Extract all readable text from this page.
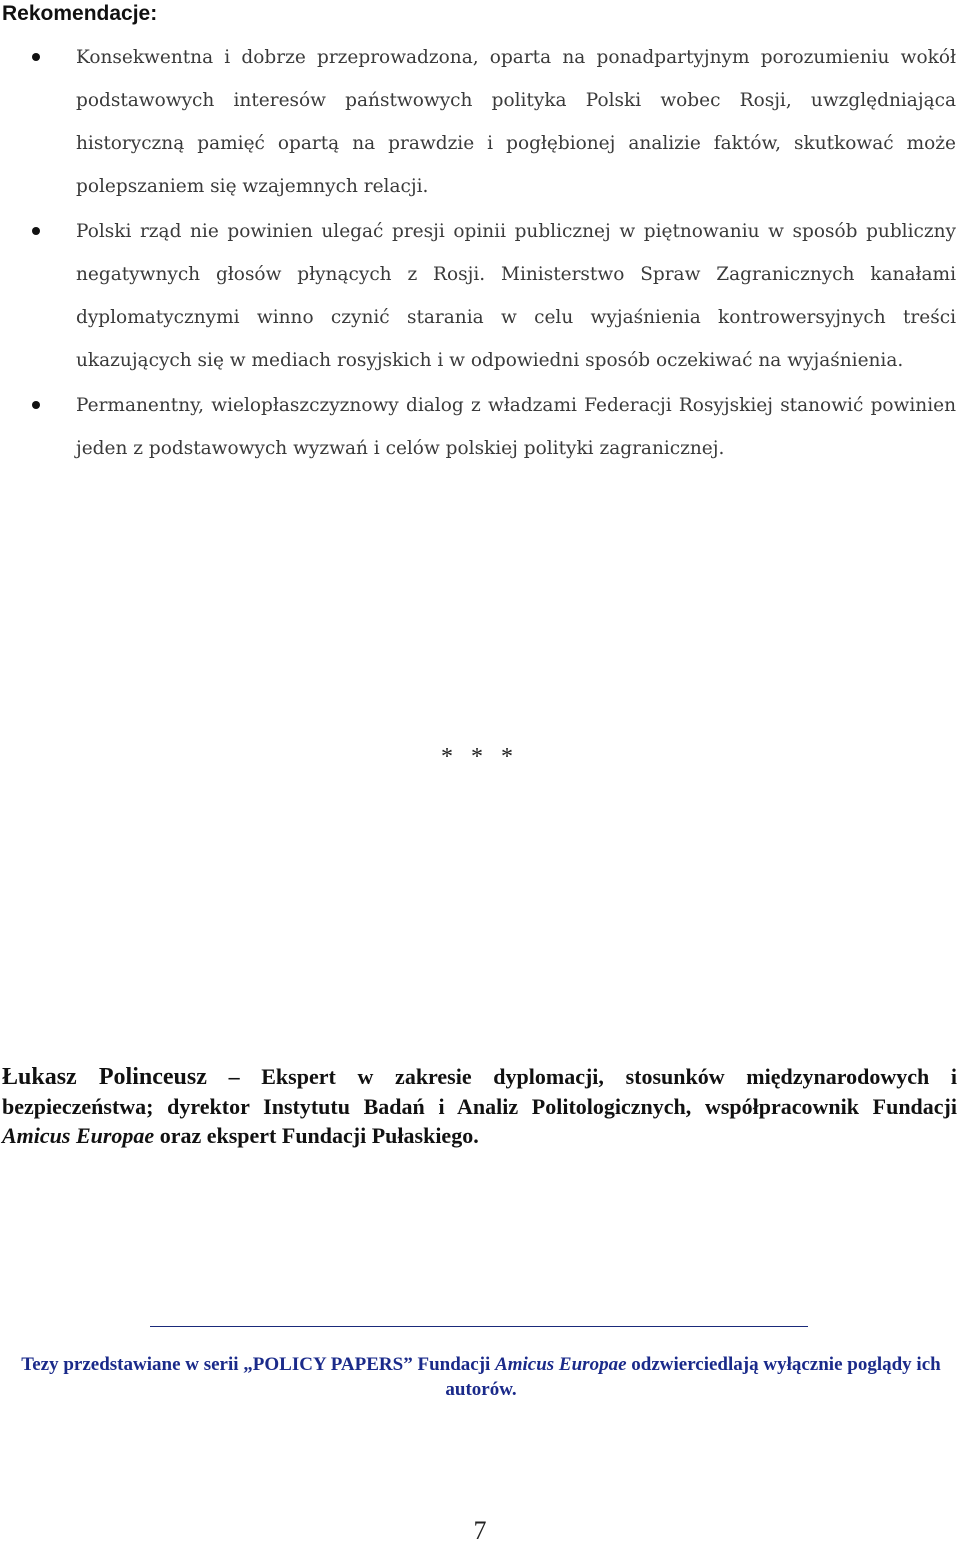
Rekomendacje:
Konsekwentna i dobrze przeprowadzona, oparta na ponadpartyjnym porozumieniu wokół podstawowych interesów państwowych polityka Polski wobec Rosji, uwzględniająca historyczną pamięć opartą na prawdzie i pogłębionej analizie faktów, skutkować może polepszaniem się wzajemnych relacji.
Polski rząd nie powinien ulegać presji opinii publicznej w piętnowaniu w sposób publiczny negatywnych głosów płynących z Rosji. Ministerstwo Spraw Zagranicznych kanałami dyplomatycznymi winno czynić starania w celu wyjaśnienia kontrowersyjnych treści ukazujących się w mediach rosyjskich i w odpowiedni sposób oczekiwać na wyjaśnienia.
Permanentny, wielopłaszczyznowy dialog z władzami Federacji Rosyjskiej stanowić powinien jeden z podstawowych wyzwań i celów polskiej polityki zagranicznej.
* * *

Łukasz Polinceusz – Ekspert w zakresie dyplomacji, stosunków międzynarodowych i bezpieczeństwa; dyrektor Instytutu Badań i Analiz Politologicznych, współpracownik Fundacji Amicus Europae oraz ekspert Fundacji Pułaskiego.

Tezy przedstawiane w serii „POLICY PAPERS” Fundacji Amicus Europae odzwierciedlają wyłącznie poglądy ich autorów.

7
